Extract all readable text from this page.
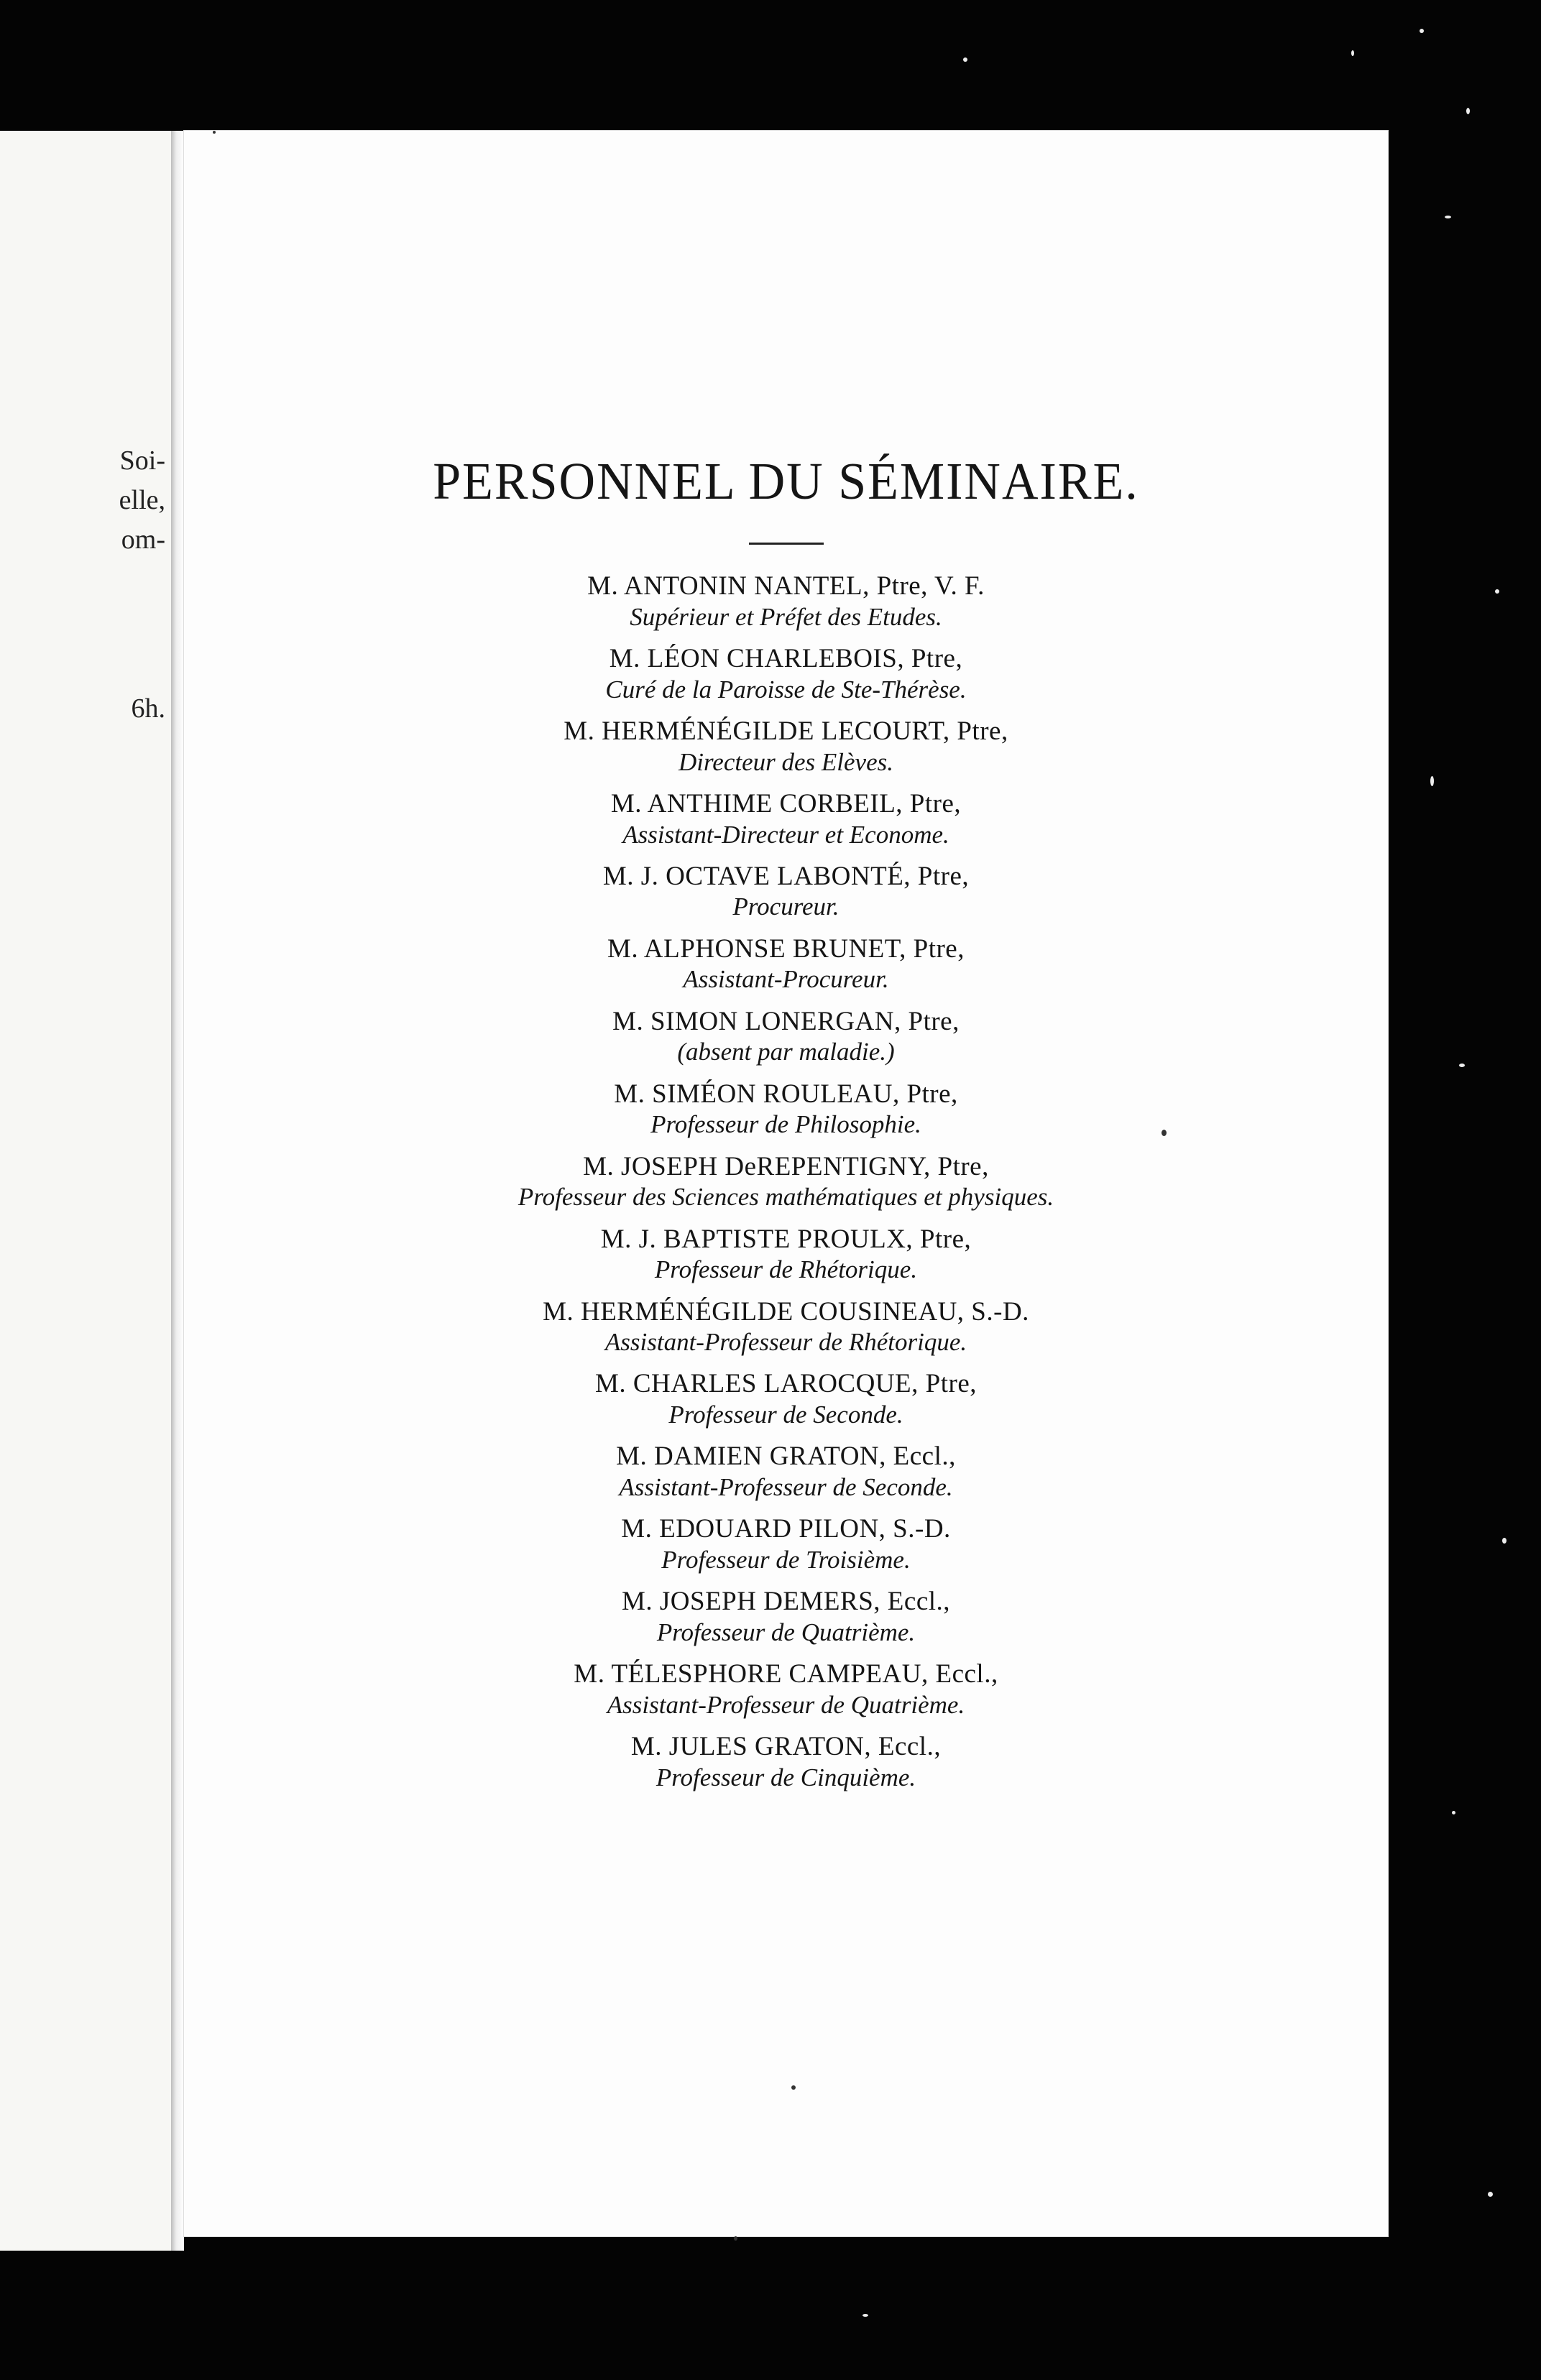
Soi-
elle,
om-
6h.
PERSONNEL DU SÉMINAIRE.
M. ANTONIN NANTEL, Ptre, V. F.
Supérieur et Préfet des Etudes.
M. LÉON CHARLEBOIS, Ptre,
Curé de la Paroisse de Ste-Thérèse.
M. HERMÉNÉGILDE LECOURT, Ptre,
Directeur des Elèves.
M. ANTHIME CORBEIL, Ptre,
Assistant-Directeur et Econome.
M. J. OCTAVE LABONTÉ, Ptre,
Procureur.
M. ALPHONSE BRUNET, Ptre,
Assistant-Procureur.
M. SIMON LONERGAN, Ptre,
(absent par maladie.)
M. SIMÉON ROULEAU, Ptre,
Professeur de Philosophie.
M. JOSEPH DeREPENTIGNY, Ptre,
Professeur des Sciences mathématiques et physiques.
M. J. BAPTISTE PROULX, Ptre,
Professeur de Rhétorique.
M. HERMÉNÉGILDE COUSINEAU, S.-D.
Assistant-Professeur de Rhétorique.
M. CHARLES LAROCQUE, Ptre,
Professeur de Seconde.
M. DAMIEN GRATON, Eccl.,
Assistant-Professeur de Seconde.
M. EDOUARD PILON, S.-D.
Professeur de Troisième.
M. JOSEPH DEMERS, Eccl.,
Professeur de Quatrième.
M. TÉLESPHORE CAMPEAU, Eccl.,
Assistant-Professeur de Quatrième.
M. JULES GRATON, Eccl.,
Professeur de Cinquième.
